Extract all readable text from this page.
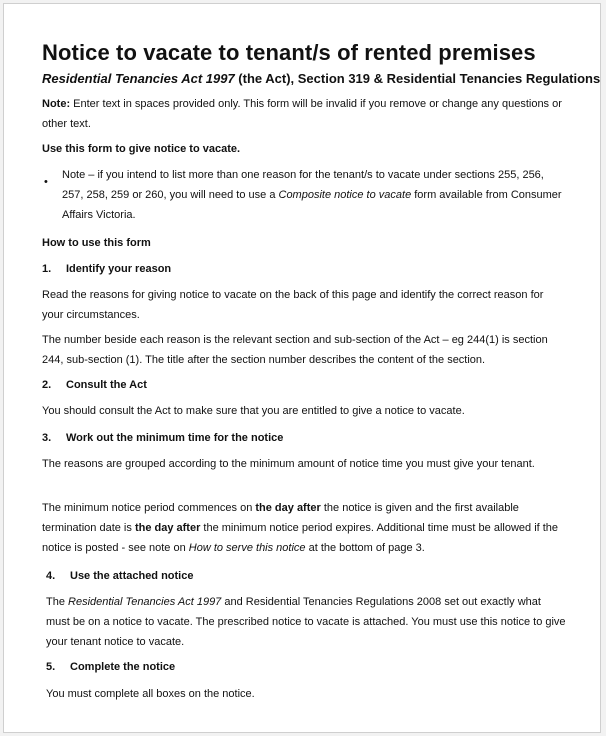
Notice to vacate to tenant/s of rented premises
Residential Tenancies Act 1997 (the Act), Section 319 & Residential Tenancies Regulations
Note: Enter text in spaces provided only. This form will be invalid if you remove or change any questions or other text.
Use this form to give notice to vacate.
•
Note – if you intend to list more than one reason for the tenant/s to vacate under sections 255, 256, 257, 258, 259 or 260, you will need to use a Composite notice to vacate form available from Consumer Affairs Victoria.
How to use this form
1. Identify your reason
Read the reasons for giving notice to vacate on the back of this page and identify the correct reason for your circumstances.
The number beside each reason is the relevant section and sub-section of the Act – eg 244(1) is section 244, sub-section (1). The title after the section number describes the content of the section.
2. Consult the Act
You should consult the Act to make sure that you are entitled to give a notice to vacate.
3. Work out the minimum time for the notice
The reasons are grouped according to the minimum amount of notice time you must give your tenant.
The minimum notice period commences on the day after the notice is given and the first available termination date is the day after the minimum notice period expires. Additional time must be allowed if the notice is posted - see note on How to serve this notice at the bottom of page 3.
4. Use the attached notice
The Residential Tenancies Act 1997 and Residential Tenancies Regulations 2008 set out exactly what must be on a notice to vacate. The prescribed notice to vacate is attached. You must use this notice to give your tenant notice to vacate.
5. Complete the notice
You must complete all boxes on the notice.
